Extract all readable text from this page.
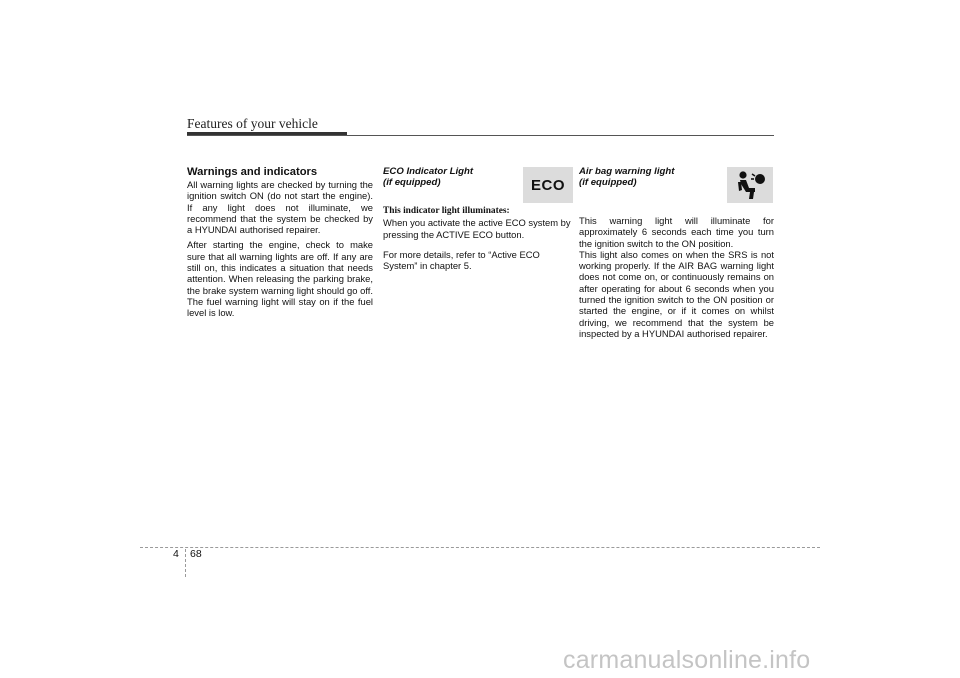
Features of your vehicle

Warnings and indicators

All warning lights are checked by turning the ignition switch ON (do not start the engine). If any light does not illuminate, we recommend that the system be checked by a HYUNDAI authorised repairer.

After starting the engine, check to make sure that all warning lights are off. If any are still on, this indicates a situation that needs attention. When releasing the parking brake, the brake system warning light should go off. The fuel warning light will stay on if the fuel level is low.

ECO Indicator Light

(if equipped)

This indicator light illuminates:

When you activate the active ECO system by pressing the ACTIVE ECO button.

For more details, refer to “Active ECO System” in chapter 5.

ECO

Air bag warning light

(if equipped)

This warning light will illuminate for approximately 6 seconds each time you turn the ignition switch to the ON position.

This light also comes on when the SRS is not working properly. If the AIR BAG warning light does not come on, or continuously remains on after operating for about 6 seconds when you turned the ignition switch to the ON position or started the engine, or if it comes on whilst driving, we recommend that the system be inspected by a HYUNDAI authorised repairer.

4 68
carmanualsonline.info
